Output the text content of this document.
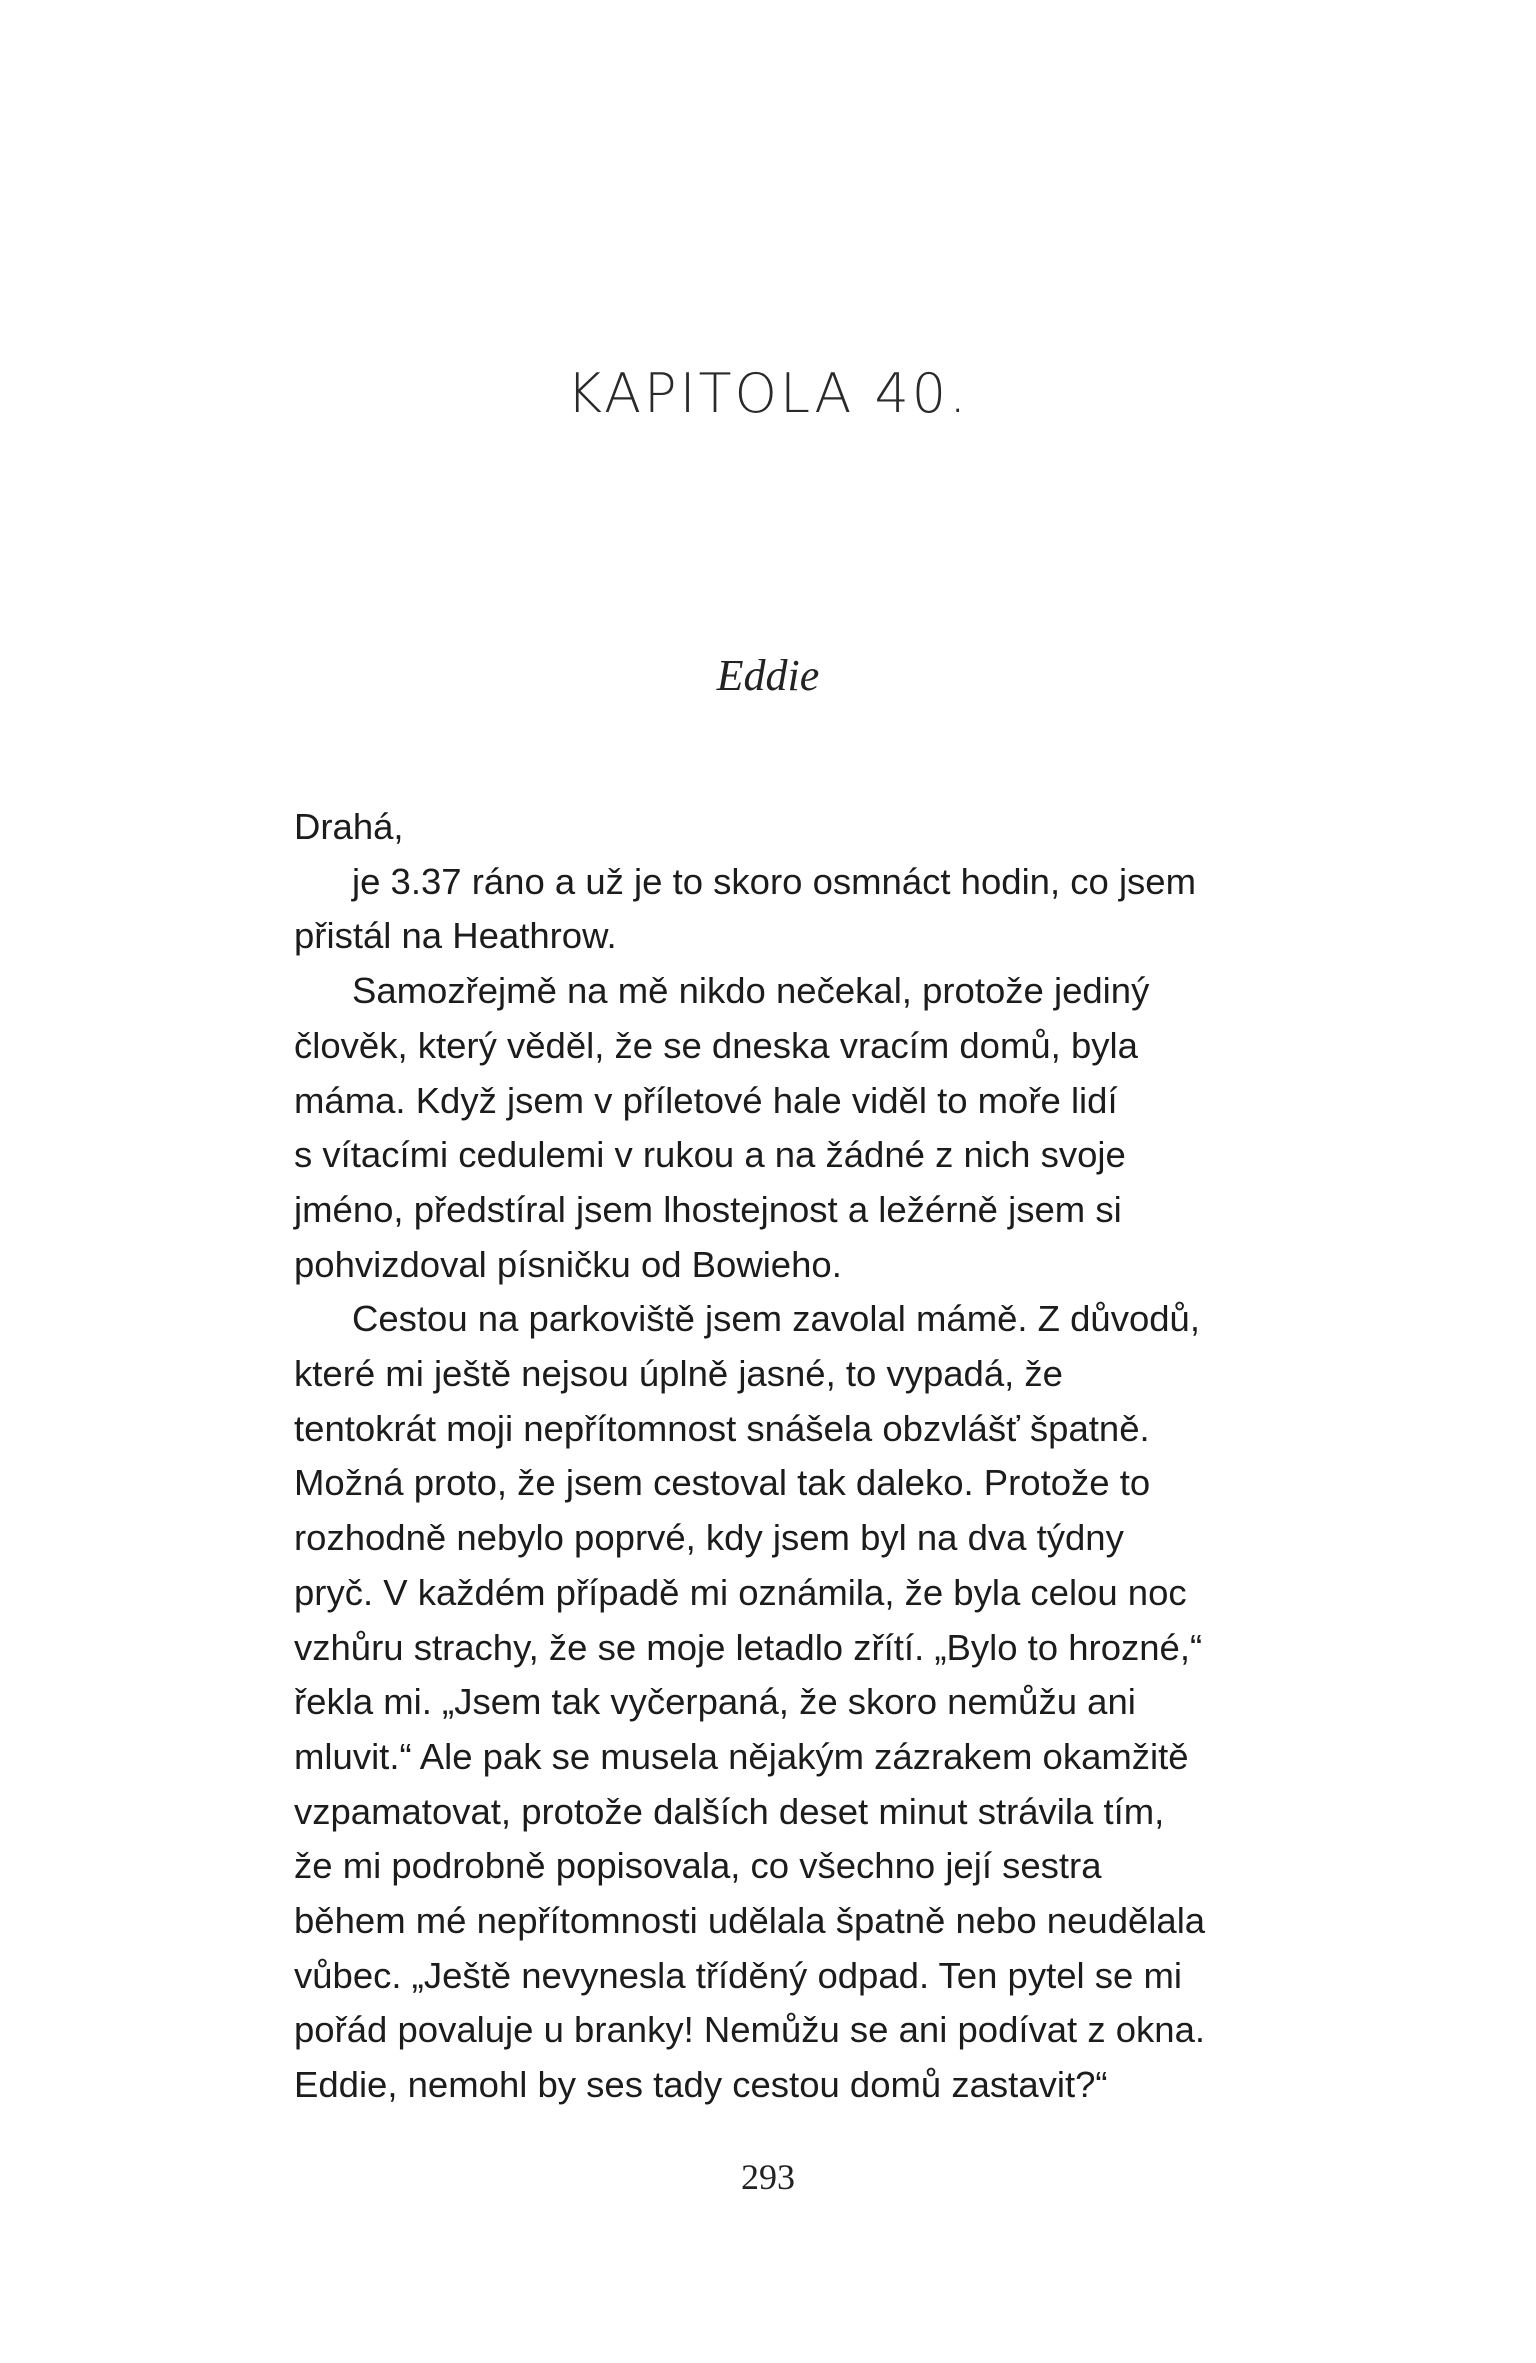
KAPITOLA 40.
Eddie
Drahá,
je 3.37 ráno a už je to skoro osmnáct hodin, co jsem
přistál na Heathrow.
Samozřejmě na mě nikdo nečekal, protože jediný
člověk, který věděl, že se dneska vracím domů, byla
máma. Když jsem v příletové hale viděl to moře lidí
s vítacími cedulemi v rukou a na žádné z nich svoje
jméno, předstíral jsem lhostejnost a ležérně jsem si
pohvizdoval písničku od Bowieho.
Cestou na parkoviště jsem zavolal mámě. Z důvodů,
které mi ještě nejsou úplně jasné, to vypadá, že
tentokrát moji nepřítomnost snášela obzvlášť špatně.
Možná proto, že jsem cestoval tak daleko. Protože to
rozhodně nebylo poprvé, kdy jsem byl na dva týdny
pryč. V každém případě mi oznámila, že byla celou noc
vzhůru strachy, že se moje letadlo zřítí. „Bylo to hrozné,“
řekla mi. „Jsem tak vyčerpaná, že skoro nemůžu ani
mluvit.“ Ale pak se musela nějakým zázrakem okamžitě
vzpamatovat, protože dalších deset minut strávila tím,
že mi podrobně popisovala, co všechno její sestra
během mé nepřítomnosti udělala špatně nebo neudělala
vůbec. „Ještě nevynesla tříděný odpad. Ten pytel se mi
pořád povaluje u branky! Nemůžu se ani podívat z okna.
Eddie, nemohl by ses tady cestou domů zastavit?“
293
